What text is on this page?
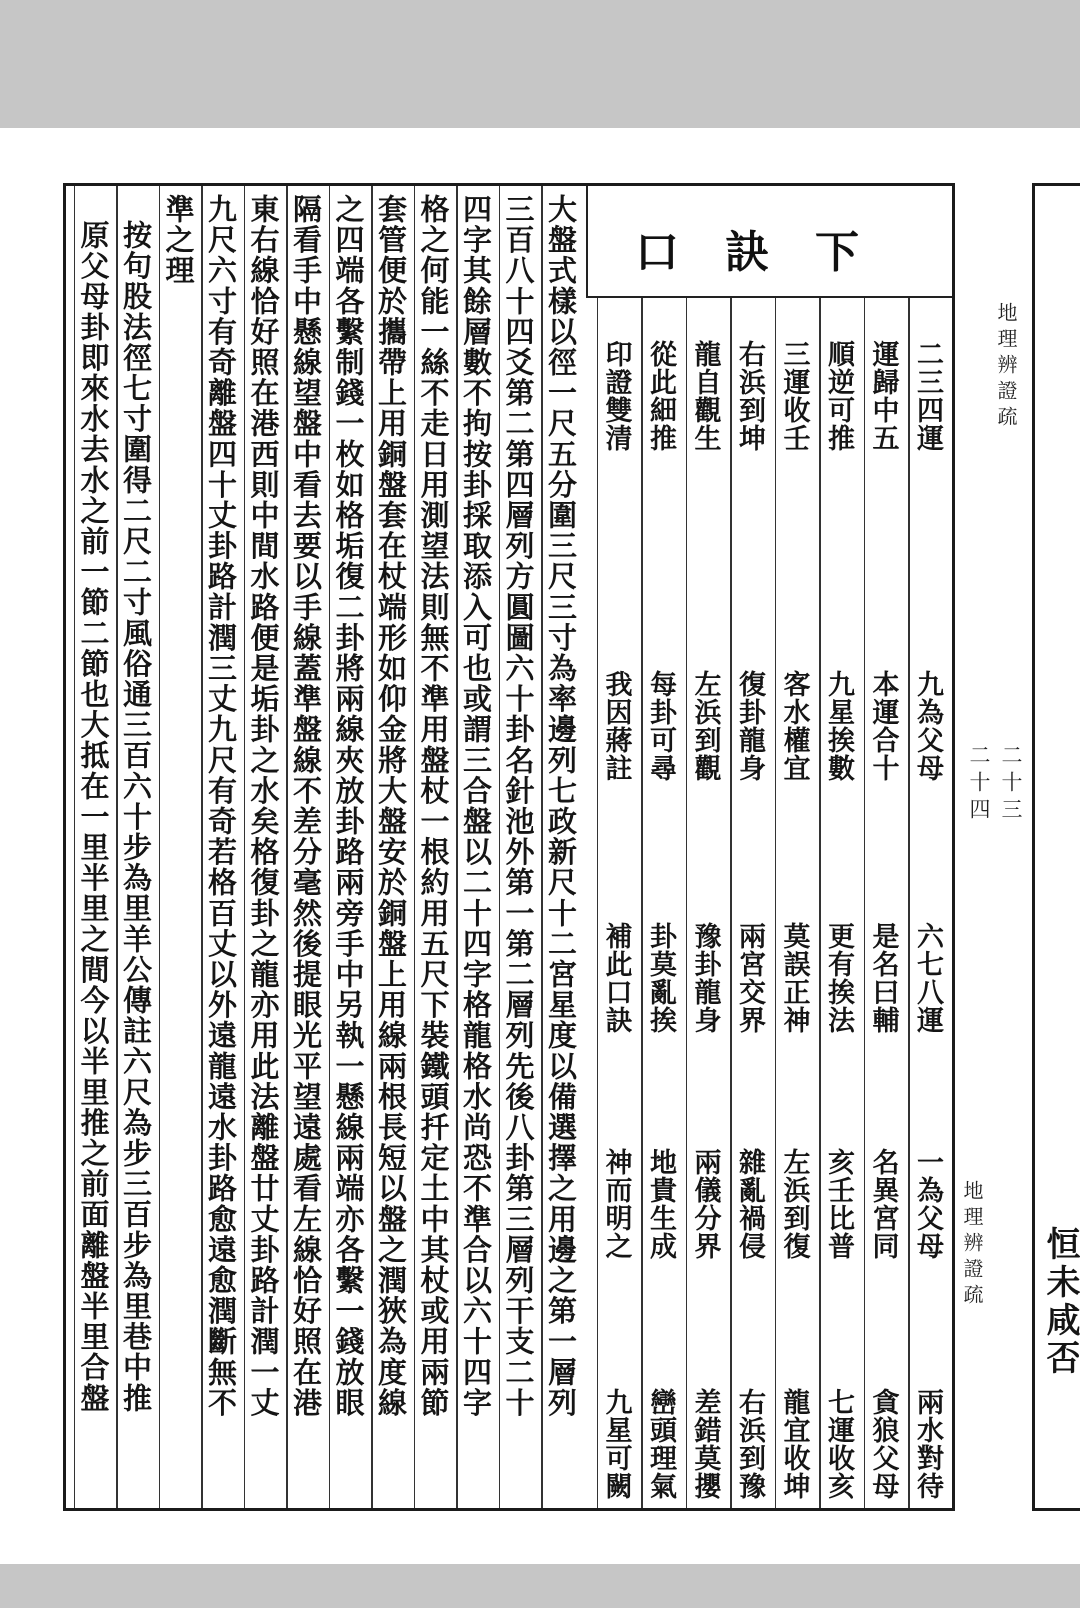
口訣下
二三四運
九為父母
六七八運
一為父母
兩水對待
運歸中五
本運合十
是名曰輔
名異宮同
貪狼父母
順逆可推
九星挨數
更有挨法
亥壬比普
七運收亥
三運收壬
客水權宜
莫誤正神
左浜到復
龍宜收坤
右浜到坤
復卦龍身
兩宮交界
雜亂禍侵
右浜到豫
龍自觀生
左浜到觀
豫卦龍身
兩儀分界
差錯莫攖
從此細推
每卦可尋
卦莫亂挨
地貴生成
巒頭理氣
印證雙清
我因蔣註
補此口訣
神而明之
九星可闕
大盤式樣以徑一尺五分圍三尺三寸為率邊列七政新尺十二宮星度以備選擇之用邊之第一層列
三百八十四爻第二第四層列方圓圖六十卦名針池外第一第二層列先後八卦第三層列干支二十
四字其餘層數不拘按卦採取添入可也或謂三合盤以二十四字格龍格水尚恐不準合以六十四字
格之何能一絲不走日用測望法則無不準用盤杖一根約用五尺下裝鐵頭扦定土中其杖或用兩節
套管便於攜帶上用銅盤套在杖端形如仰金將大盤安於銅盤上用線兩根長短以盤之潤狹為度線
之四端各繫制錢一枚如格垢復二卦將兩線夾放卦路兩旁手中另執一懸線兩端亦各繫一錢放眼
隔看手中懸線望盤中看去要以手線蓋準盤線不差分毫然後提眼光平望遠處看左線恰好照在港
東右線恰好照在港西則中間水路便是垢卦之水矣格復卦之龍亦用此法離盤廿丈卦路計潤一丈
九尺六寸有奇離盤四十丈卦路計潤三丈九尺有奇若格百丈以外遠龍遠水卦路愈遠愈潤斷無不
準之理
按句股法徑七寸圍得二尺二寸風俗通三百六十步為里羊公傳註六尺為步三百步為里巷中推
原父母卦即來水去水之前一節二節也大抵在一里半里之間今以半里推之前面離盤半里合盤	地理辨證疏
二十三
二十四
地理辨證疏 恒未咸否
